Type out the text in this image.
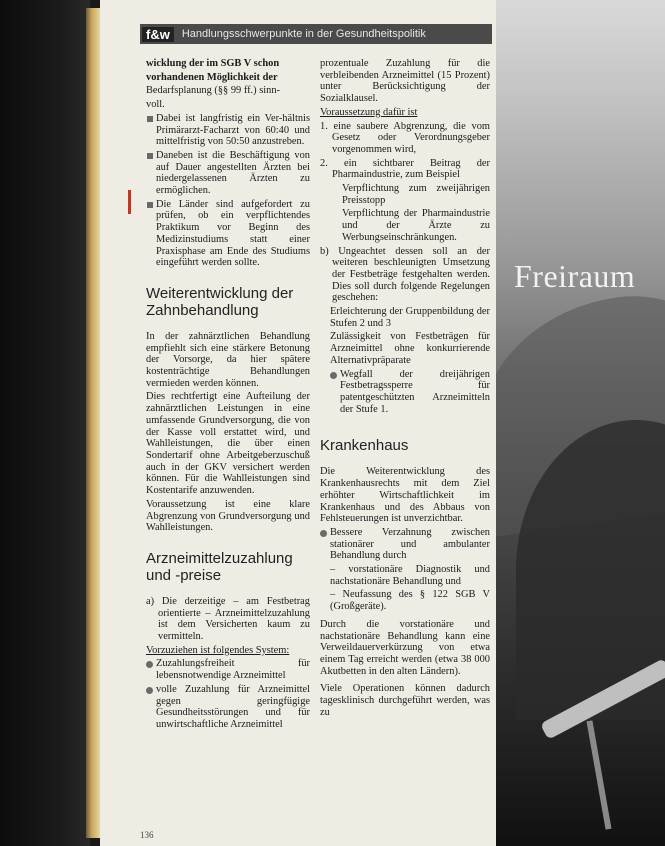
Freiraum
f&w	Handlungsschwerpunkte in der Gesundheitspolitik

wicklung der im SGB V schon

vorhandenen Möglichkeit der

Bedarfsplanung (§§ 99 ff.) sinn-

voll.

Dabei ist langfristig ein Ver-hältnis Primärarzt-Facharzt von 60:40 und mittelfristig von 50:50 anzustreben.

Daneben ist die Beschäftigung von auf Dauer angestellten Ärzten bei niedergelassenen Ärzten zu ermöglichen.

Die Länder sind aufgefordert zu prüfen, ob ein verpflichtendes Praktikum vor Beginn des Medizinstudiums statt einer Praxisphase am Ende des Studiums eingeführt werden sollte.

Weiterentwicklung der Zahnbehandlung

In der zahnärztlichen Behandlung empfiehlt sich eine stärkere Betonung der Vorsorge, da hier spätere kostenträchtige Behandlungen vermieden werden können.

Dies rechtfertigt eine Aufteilung der zahnärztlichen Leistungen in eine umfassende Grundversorgung, die von der Kasse voll erstattet wird, und Wahlleistungen, die über einen Sondertarif ohne Arbeitgeberzuschuß auch in der GKV versichert werden können. Für die Wahlleistungen sind Kostentarife anzuwenden.

Voraussetzung ist eine klare Abgrenzung von Grundversorgung und Wahlleistungen.

Arzneimittelzuzahlung und -preise

a) Die derzeitige – am Festbetrag orientierte – Arzneimittelzuzahlung ist dem Versicherten kaum zu vermitteln.

Vorzuziehen ist folgendes System:

Zuzahlungsfreiheit für lebensnotwendige Arzneimittel

volle Zuzahlung für Arzneimittel gegen geringfügige Gesundheitsstörungen und für unwirtschaftliche Arzneimittel

prozentuale Zuzahlung für die verbleibenden Arzneimittel (15 Prozent) unter Berücksichtigung der Sozialklausel.

Voraussetzung dafür ist

1. eine saubere Abgrenzung, die vom Gesetz oder Verordnungsgeber vorgenommen wird,

2. ein sichtbarer Beitrag der Pharmaindustrie, zum Beispiel

Verpflichtung zum zweijährigen Preisstopp

Verpflichtung der Pharmaindustrie und der Ärzte zu Werbungseinschränkungen.

b) Ungeachtet dessen soll an der weiteren beschleunigten Umsetzung der Festbeträge festgehalten werden. Dies soll durch folgende Regelungen geschehen:

Erleichterung der Gruppenbildung der Stufen 2 und 3

Zulässigkeit von Festbeträgen für Arzneimittel ohne konkurrierende Alternativpräparate

Wegfall der dreijährigen Festbetragssperre für patentgeschützten Arzneimitteln der Stufe 1.

Krankenhaus

Die Weiterentwicklung des Krankenhausrechts mit dem Ziel erhöhter Wirtschaftlichkeit im Krankenhaus und des Abbaus von Fehlsteuerungen ist unverzichtbar.

Bessere Verzahnung zwischen stationärer und ambulanter Behandlung durch

– vorstationäre Diagnostik und nachstationäre Behandlung und

– Neufassung des § 122 SGB V (Großgeräte).

Durch die vorstationäre und nachstationäre Behandlung kann eine Verweildauerverkürzung von etwa einem Tag erreicht werden (etwa 38 000 Akutbetten in den alten Ländern).

Viele Operationen können dadurch tagesklinisch durchgeführt werden, was zu

136
